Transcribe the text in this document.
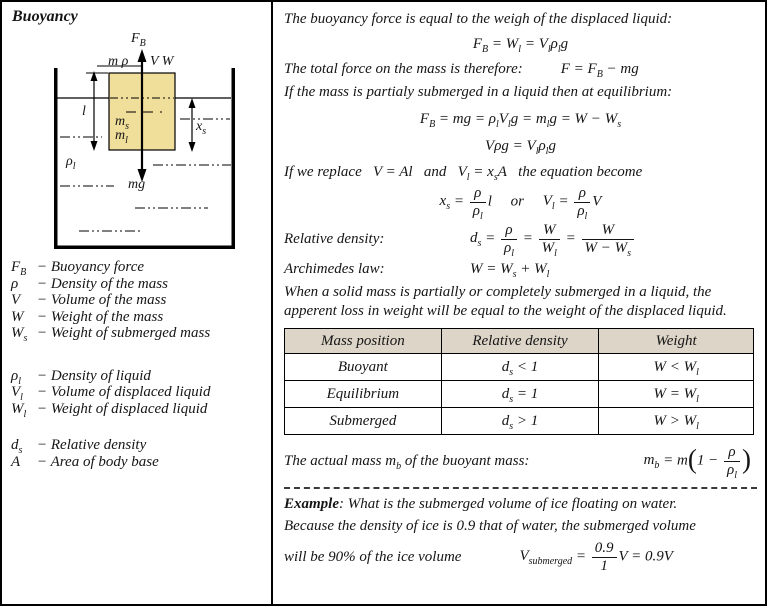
Buoyancy
$F_B$
m ρ V W
l
$m_s$
$m_l$
$x_s$
$\rho_l$
mg
$F_B$ − Buoyancy force
ρ − Density of the mass
V − Volume of the mass
W − Weight of the mass
$W_s$ − Weight of submerged mass
$\rho_l$ − Density of liquid
$V_l$ − Volume of displaced liquid
$W_l$ − Weight of displaced liquid
$d_s$ − Relative density
A − Area of body base
The buoyancy force is equal to the weigh of the displaced liquid:
$F_B = W_l = V_l\rho_lg$
The total force on the mass is therefore:	$F = F_B$ − mg
If the mass is partialy submerged in a liquid then at equilibrium:
$F_B$ = mg = $\rho_lV_lg = m_lg = W - W_s$
$V\rho g = V_l\rho_lg$
If we replace   V = Al   and   $V_l = x_sA$   the equation become
$x_s = \frac{\rho}{\rho_l}$ l     or     $V_l = \frac{\rho}{\rho_l}$ V
Relative density:	$d_s = \frac{\rho}{\rho_l} = \frac{W}{W_l} = \frac{W}{W - W_s}$
Archimedes law:	$W = W_s + W_l$
When a solid mass is partially or completely submerged in a liquid, the apperent loss in weight will be equal to the weight of the displaced liquid.
Mass position	Relative density	Weight
Buoyant	$d_s < 1$	$W < W_l$
Equilibrium	$d_s = 1$	$W = W_l$
Submerged	$d_s > 1$	$W > W_l$
The actual mass $m_b$ of the buoyant mass:	$m_b = m(1 - \frac{\rho}{\rho_l}$ )
Example: What is the submerged volume of ice floating on water.
Because the density of ice is 0.9 that of water, the submerged volume
will be 90% of the ice volume	$V_{submerged} = \frac{0.9}{1}$ V = 0.9V
